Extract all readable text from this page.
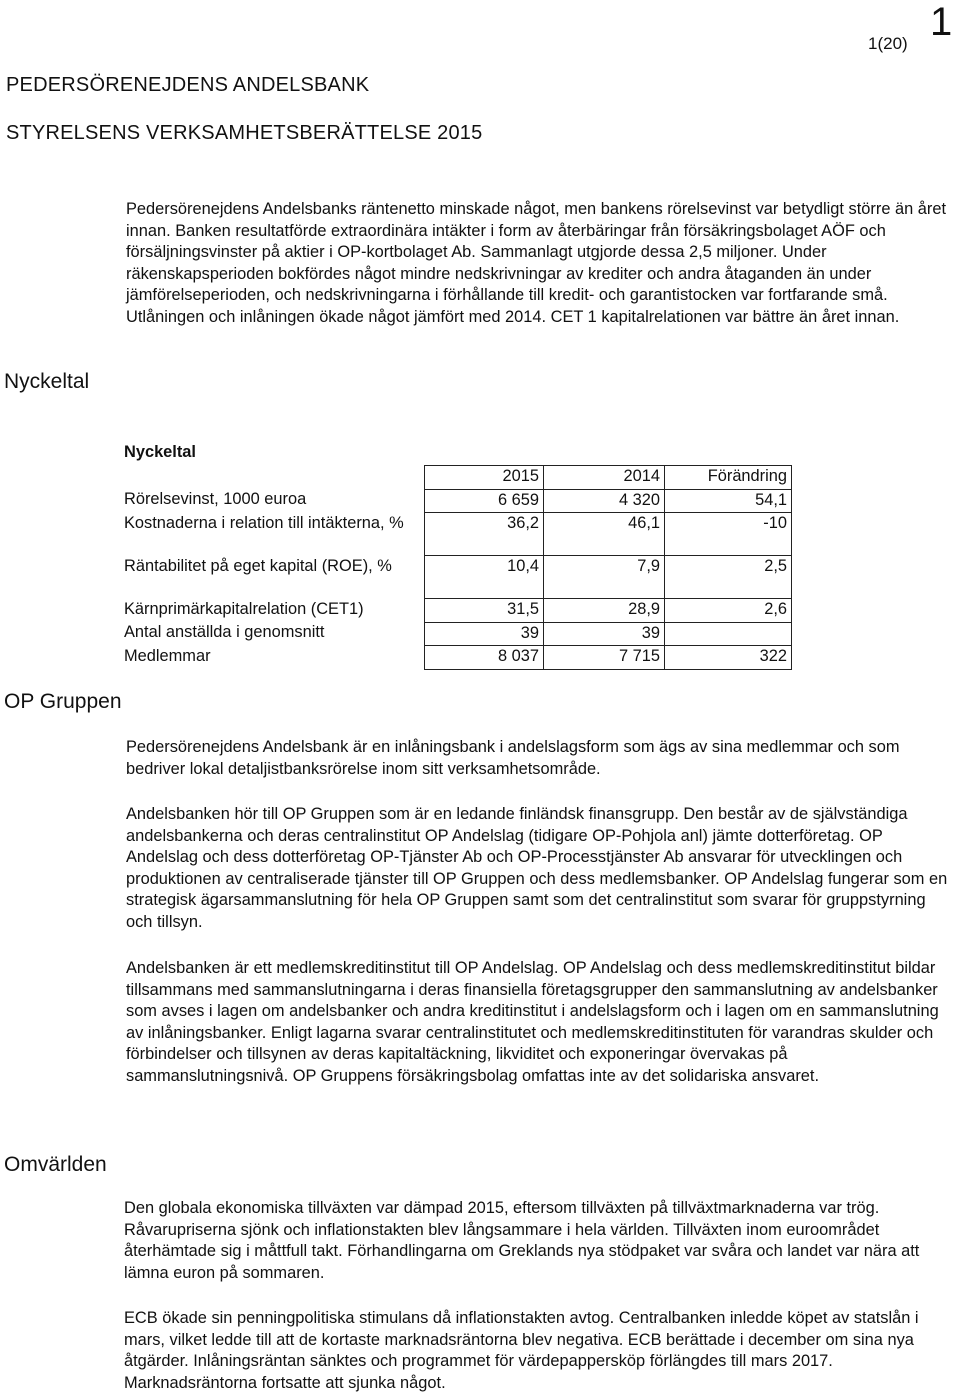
1
1(20)
PEDERSÖRENEJDENS ANDELSBANK
STYRELSENS VERKSAMHETSBERÄTTELSE 2015

Pedersörenejdens Andelsbanks räntenetto minskade något, men bankens rörelsevinst var betydligt större än året innan. Banken resultatförde extraordinära intäkter i form av återbäringar från försäkringsbolaget AÖF och försäljningsvinster på aktier i OP-kortbolaget Ab. Sammanlagt utgjorde dessa 2,5 miljoner. Under räkenskapsperioden bokfördes något mindre nedskrivningar av krediter och andra åtaganden än under jämförelseperioden, och nedskrivningarna i förhållande till kredit- och garantistocken var fortfarande små. Utlåningen och inlåningen ökade något jämfört med 2014. CET 1 kapitalrelationen var bättre än året innan.

Nyckeltal
Nyckeltal			
	2015	2014	Förändring
Rörelsevinst, 1000 euroa	6 659	4 320	54,1
Kostnaderna i relation till intäkterna, %	36,2	46,1	-10
Räntabilitet på eget kapital (ROE), %	10,4	7,9	2,5
Kärnprimärkapitalrelation (CET1)	31,5	28,9	2,6
Antal anställda i genomsnitt	39	39	
Medlemmar	8 037	7 715	322
OP Gruppen

Pedersörenejdens Andelsbank är en inlåningsbank i andelslagsform som ägs av sina medlemmar och som bedriver lokal detaljistbanksrörelse inom sitt verksamhetsområde.

Andelsbanken hör till OP Gruppen som är en ledande finländsk finansgrupp. Den består av de självständiga andelsbankerna och deras centralinstitut OP Andelslag (tidigare OP-Pohjola anl) jämte dotterföretag. OP Andelslag och dess dotterföretag OP-Tjänster Ab och OP-Processtjänster Ab ansvarar för utvecklingen och produktionen av centraliserade tjänster till OP Gruppen och dess medlemsbanker. OP Andelslag fungerar som en strategisk ägarsammanslutning för hela OP Gruppen samt som det centralinstitut som svarar för gruppstyrning och tillsyn.

Andelsbanken är ett medlemskreditinstitut till OP Andelslag. OP Andelslag och dess medlemskreditinstitut bildar tillsammans med sammanslutningarna i deras finansiella företagsgrupper den sammanslutning av andelsbanker som avses i lagen om andelsbanker och andra kreditinstitut i andelslagsform och i lagen om en sammanslutning av inlåningsbanker. Enligt lagarna svarar centralinstitutet och medlemskreditinstituten för varandras skulder och förbindelser och tillsynen av deras kapitaltäckning, likviditet och exponeringar övervakas på sammanslutningsnivå. OP Gruppens försäkringsbolag omfattas inte av det solidariska ansvaret.

Omvärlden

Den globala ekonomiska tillväxten var dämpad 2015, eftersom tillväxten på tillväxtmarknaderna var trög. Råvarupriserna sjönk och inflationstakten blev långsammare i hela världen. Tillväxten inom euroområdet återhämtade sig i måttfull takt. Förhandlingarna om Greklands nya stödpaket var svåra och landet var nära att lämna euron på sommaren.

ECB ökade sin penningpolitiska stimulans då inflationstakten avtog. Centralbanken inledde köpet av statslån i mars, vilket ledde till att de kortaste marknadsräntorna blev negativa. ECB berättade i december om sina nya åtgärder. Inlåningsräntan sänktes och programmet för värdepappersköp förlängdes till mars 2017. Marknadsräntorna fortsatte att sjunka något.
